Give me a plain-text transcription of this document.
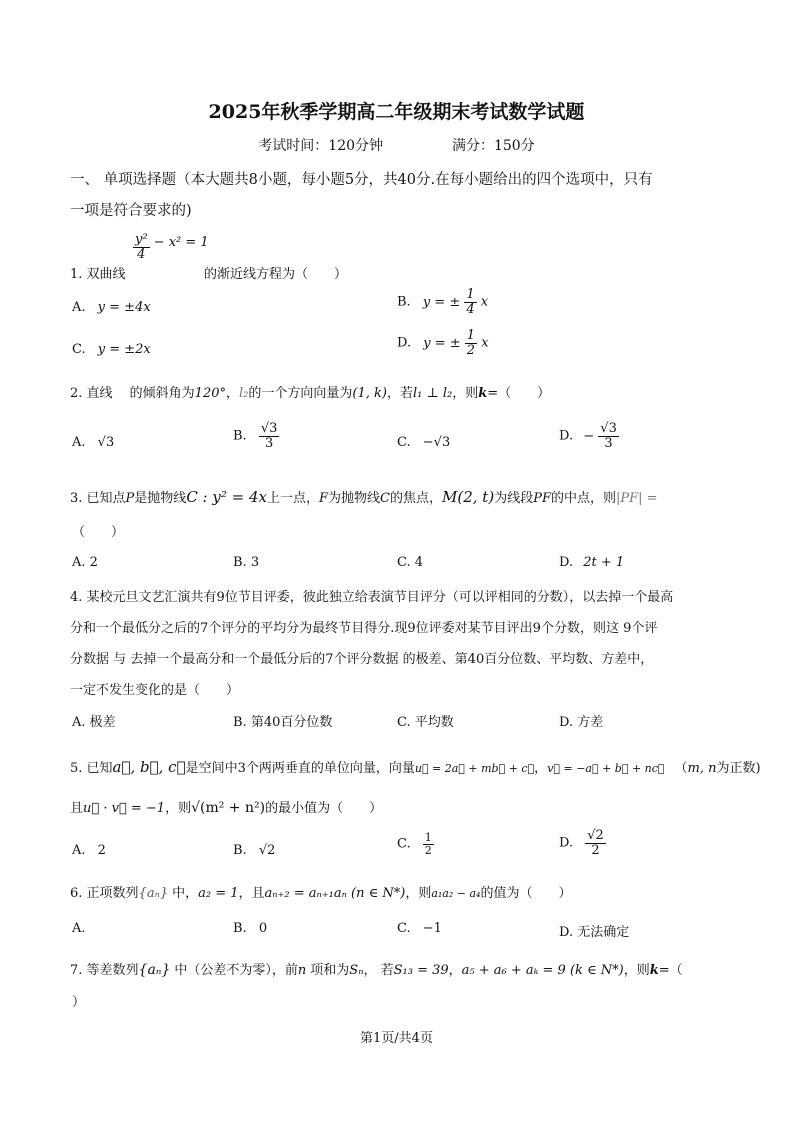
2025年秋季学期高二年级期末考试数学试题
考试时间：120分钟	满分：150分
一、 单项选择题（本大题共8小题，每小题5分，共40分.在每小题给出的四个选项中，只有
一项是符合要求的)
1. 双曲线
$\frac{\text{y²}}{4} - x^2 = 1$
的渐近线方程为（　　）
A. y = ±4x	B. y = ± $\frac{1}{4}$ x
C. y = ±2x	D. y = ± $\frac{1}{2}$ x
2. 直线 　的倾斜角为120°，l₂的一个方向向量为(1, k)，若l₁ ⊥ l₂，则k=（　　）
A. √3	B. $\frac{√3}{3}$	C. −√3	D. − $\frac{√3}{3}$
3. 已知点P是抛物线C : y² = 4x上一点，F为抛物线C的焦点，M(2, t)为线段PF的中点，则|PF| =
（　　）
A. 2	B. 3	C. 4	D. 2t + 1
4. 某校元旦文艺汇演共有9位节目评委，彼此独立给表演节目评分（可以评相同的分数），以去掉一个最高
分和一个最低分之后的7个评分的平均分为最终节目得分.现9位评委对某节目评出9个分数，则这 9个评
分数据 与 去掉一个最高分和一个最低分后的7个评分数据 的极差、第40百分位数、平均数、方差中，
一定不发生变化的是（　　）
A. 极差	B. 第40百分位数	C. 平均数	D. 方差
5. 已知a⃗, b⃗, c⃗是空间中3个两两垂直的单位向量，向量u⃗ = 2a⃗ + mb⃗ + c⃗，v⃗ = −a⃗ + b⃗ + nc⃗ （m, n为正数)
且u⃗ · v⃗ = −1，则√(m² + n²)的最小值为（　　）
A. 2	B. √2	C. $\frac{1}{2}$	D. $\frac{√2}{2}$
6. 正项数列{aₙ} 中，a₂ = 1，且aₙ₊₂ = aₙ₊₁aₙ (n ∈ N*)，则a₁a₂ − a₄的值为（　　）
A.	B. 0	C. −1	D. 无法确定
7. 等差数列{aₙ} 中（公差不为零），前n 项和为Sₙ， 若S₁₃ = 39，a₅ + a₆ + aₖ = 9 (k ∈ N*)，则k=（
）
第1页/共4页
